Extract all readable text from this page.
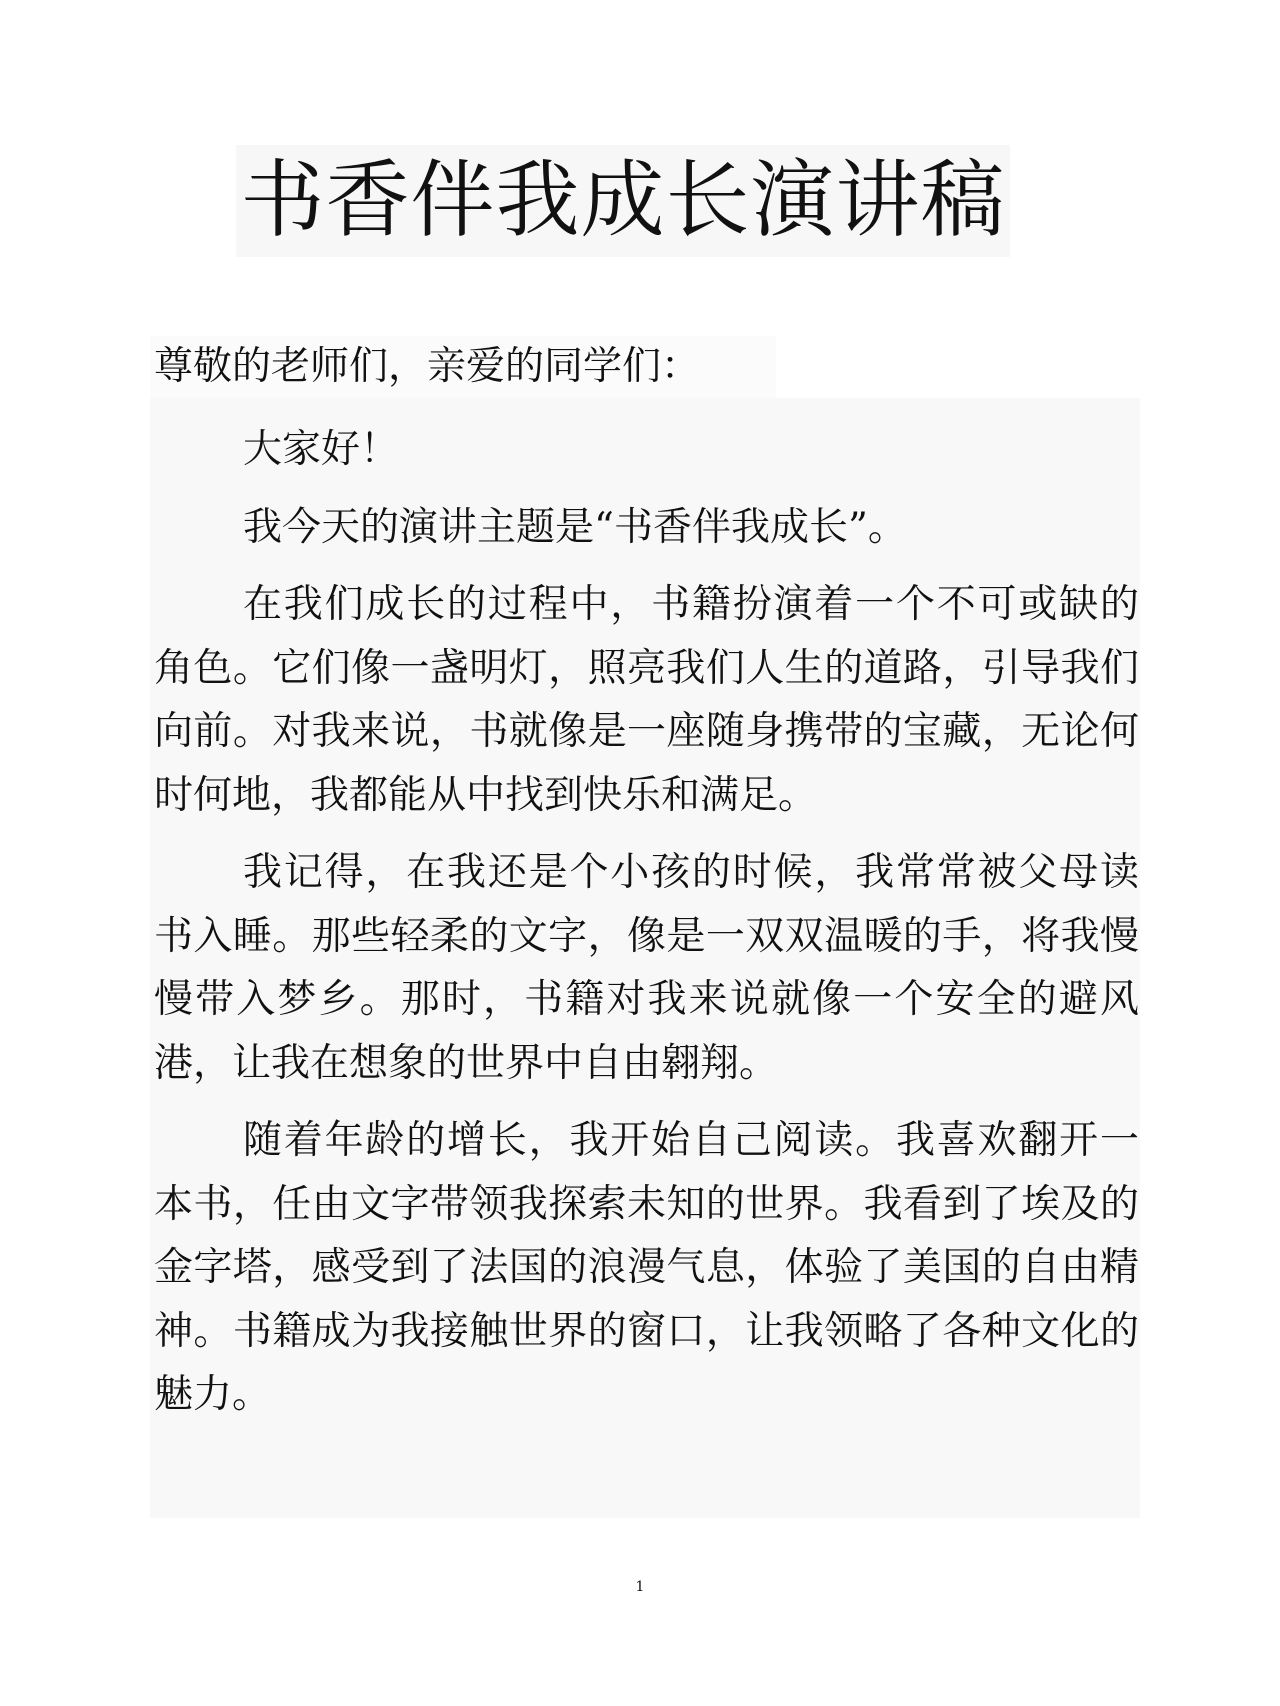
书香伴我成长演讲稿
尊敬的老师们，亲爱的同学们：

大家好！

我今天的演讲主题是“书香伴我成长”。

在我们成长的过程中，书籍扮演着一个不可或缺的角色。它们像一盏明灯，照亮我们人生的道路，引导我们向前。对我来说，书就像是一座随身携带的宝藏，无论何时何地，我都能从中找到快乐和满足。

我记得，在我还是个小孩的时候，我常常被父母读书入睡。那些轻柔的文字，像是一双双温暖的手，将我慢慢带入梦乡。那时，书籍对我来说就像一个安全的避风港，让我在想象的世界中自由翱翔。

随着年龄的增长，我开始自己阅读。我喜欢翻开一本书，任由文字带领我探索未知的世界。我看到了埃及的金字塔，感受到了法国的浪漫气息，体验了美国的自由精神。书籍成为我接触世界的窗口，让我领略了各种文化的魅力。

1
